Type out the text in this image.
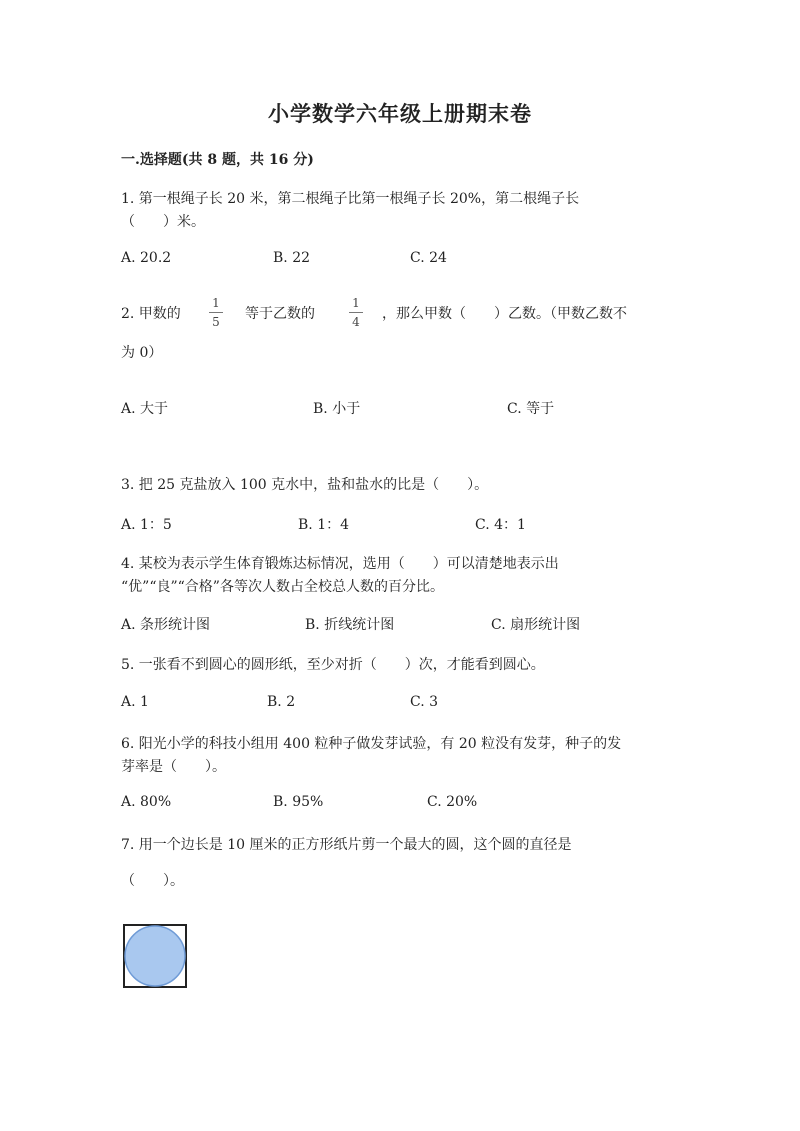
小学数学六年级上册期末卷
一.选择题(共 8 题，共 16 分)
1. 第一根绳子长 20 米，第二根绳子比第一根绳子长 20%，第二根绳子长
（　　）米。
A. 20.2	B. 22	C. 24
2. 甲数的
1
5 等于乙数的
1
4 ，那么甲数（　　）乙数。（甲数乙数不
为 0）
A. 大于	B. 小于	C. 等于
3. 把 25 克盐放入 100 克水中，盐和盐水的比是（　　）。
A. 1：5	B. 1：4	C. 4：1
4. 某校为表示学生体育锻炼达标情况，选用（　　）可以清楚地表示出
“优”“良”“合格”各等次人数占全校总人数的百分比。
A. 条形统计图	B. 折线统计图	C. 扇形统计图
5. 一张看不到圆心的圆形纸，至少对折（　　）次，才能看到圆心。
A. 1	B. 2	C. 3
6. 阳光小学的科技小组用 400 粒种子做发芽试验，有 20 粒没有发芽，种子的发
芽率是（　　）。
A. 80%	B. 95%	C. 20%
7. 用一个边长是 10 厘米的正方形纸片剪一个最大的圆，这个圆的直径是
（　　）。
